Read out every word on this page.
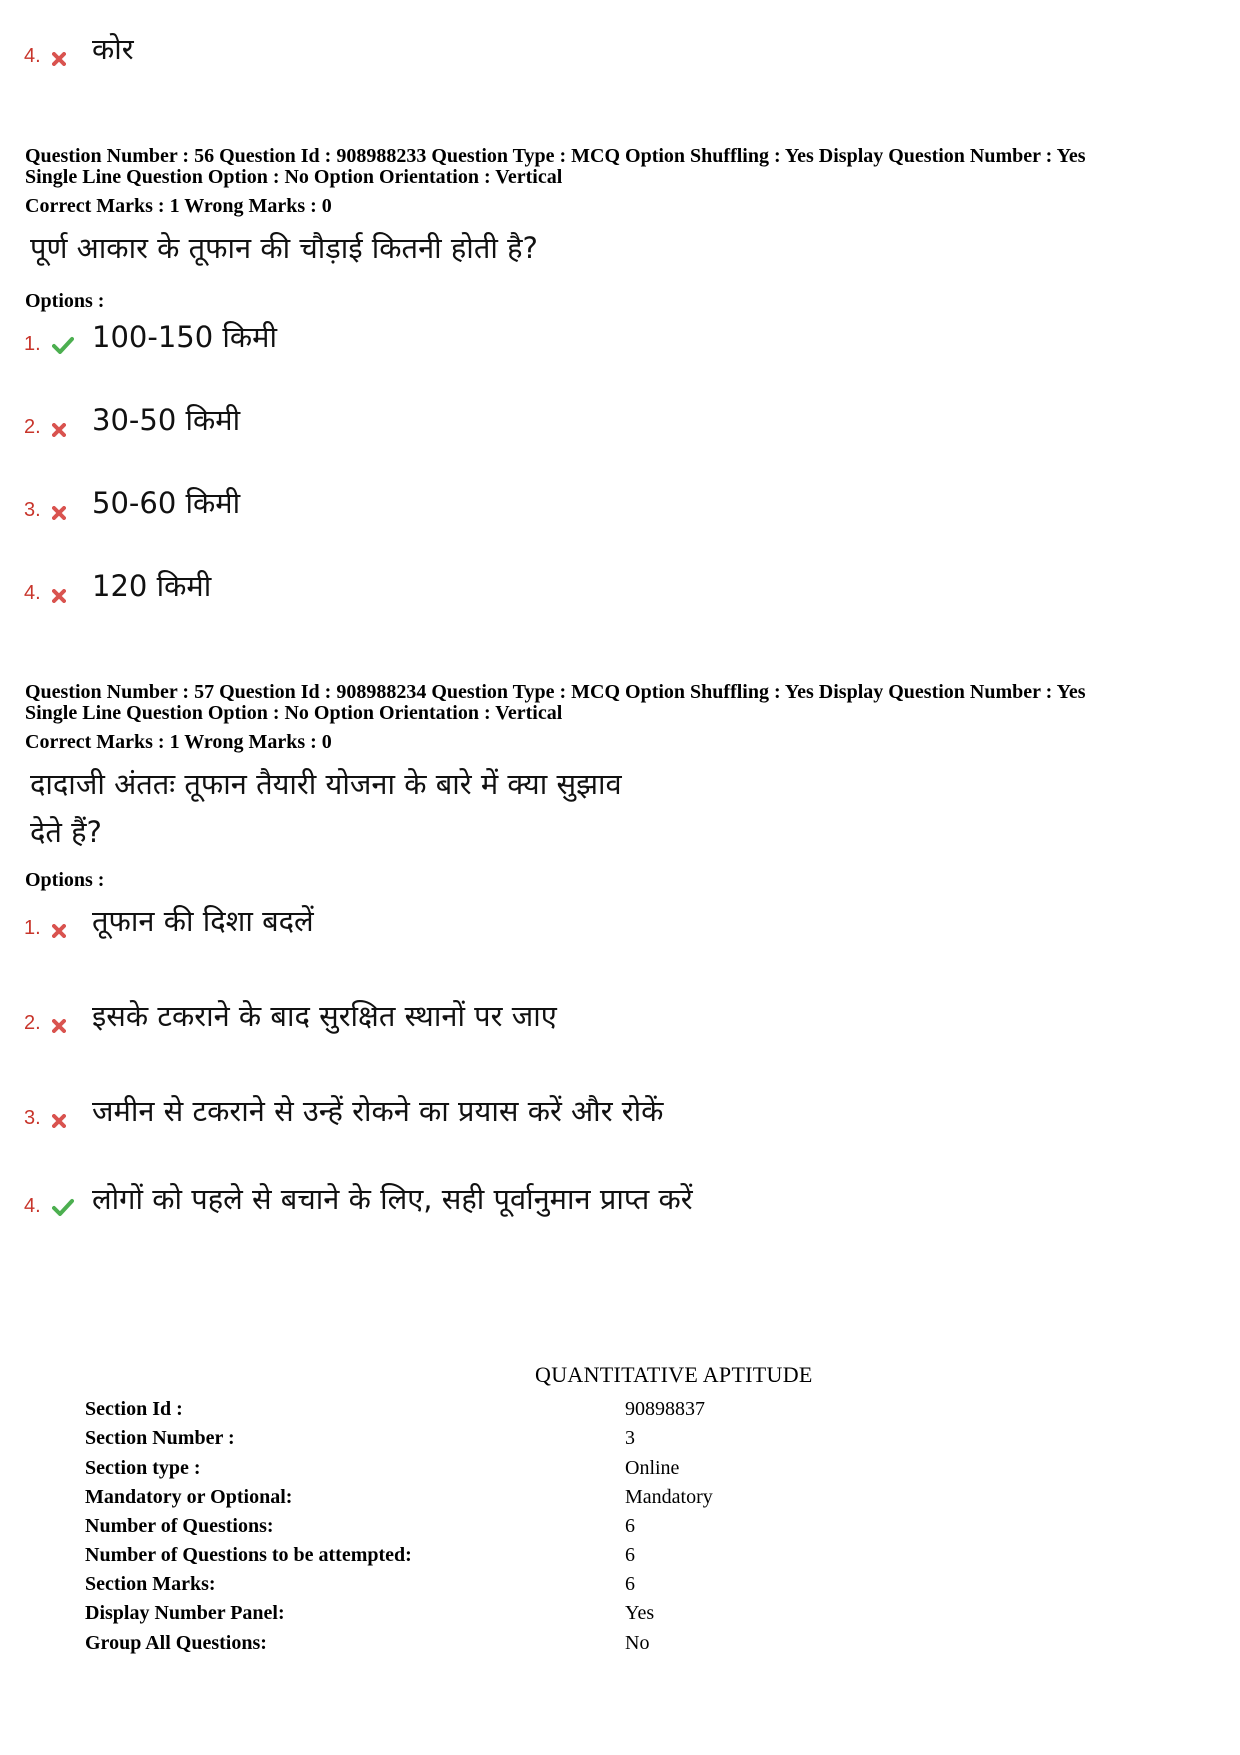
4.	कोर
Question Number : 56 Question Id : 908988233 Question Type : MCQ Option Shuffling : Yes Display Question Number : Yes
Single Line Question Option : No Option Orientation : Vertical
Correct Marks : 1 Wrong Marks : 0
पूर्ण आकार के तूफान की चौड़ाई कितनी होती है?
Options :
1.	100-150 किमी
2.	30-50 किमी
3.	50-60 किमी
4.	120 किमी
Question Number : 57 Question Id : 908988234 Question Type : MCQ Option Shuffling : Yes Display Question Number : Yes
Single Line Question Option : No Option Orientation : Vertical
Correct Marks : 1 Wrong Marks : 0
दादाजी अंततः तूफान तैयारी योजना के बारे में क्या सुझाव
देते हैं?
Options :
1.	तूफान की दिशा बदलें
2.	इसके टकराने के बाद सुरक्षित स्थानों पर जाए
3.	जमीन से टकराने से उन्हें रोकने का प्रयास करें और रोकें
4.	लोगों को पहले से बचाने के लिए, सही पूर्वानुमान प्राप्त करें
QUANTITATIVE APTITUDE
Section Id :	90898837
Section Number :	3
Section type :	Online
Mandatory or Optional:	Mandatory
Number of Questions:	6
Number of Questions to be attempted:	6
Section Marks:	6
Display Number Panel:	Yes
Group All Questions:	No
